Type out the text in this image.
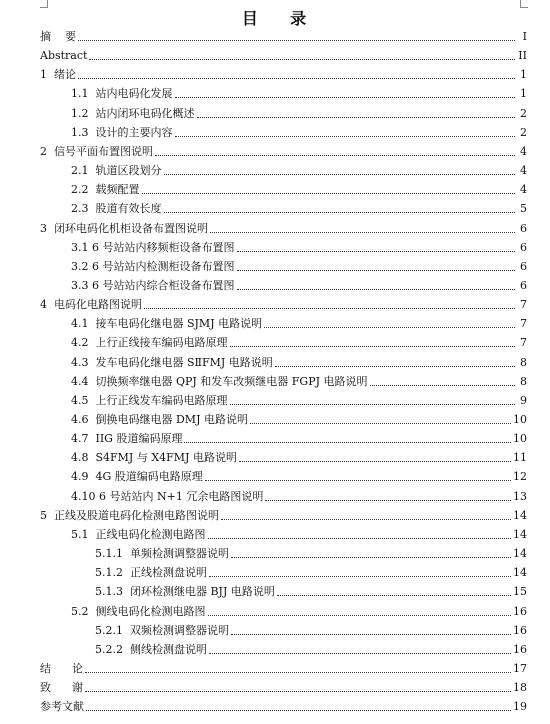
目    录
摘    要	I
Abstract	II
1  绪论	1
1.1  站内电码化发展	1
1.2  站内闭环电码化概述	2
1.3  设计的主要内容	2
2  信号平面布置图说明	4
2.1  轨道区段划分	4
2.2  载频配置	4
2.3  股道有效长度	5
3  闭环电码化机柜设备布置图说明	6
3.1 6 号站站内移频柜设备布置图	6
3.2 6 号站站内检测柜设备布置图	6
3.3 6 号站站内综合柜设备布置图	6
4  电码化电路图说明	7
4.1  接车电码化继电器 SJMJ 电路说明	7
4.2  上行正线接车编码电路原理	7
4.3  发车电码化继电器 SⅡFMJ 电路说明	8
4.4  切换频率继电器 QPJ 和发车改频继电器 FGPJ 电路说明	8
4.5  上行正线发车编码电路原理	9
4.6  倒换电码继电器 DMJ 电路说明	10
4.7  IIG 股道编码原理	10
4.8  S4FMJ 与 X4FMJ 电路说明	11
4.9  4G 股道编码电路原理	12
4.10 6 号站站内 N+1 冗余电路图说明	13
5  正线及股道电码化检测电路图说明	14
5.1  正线电码化检测电路图	14
5.1.1  单频检测调整器说明	14
5.1.2  正线检测盘说明	14
5.1.3  闭环检测继电器 BJJ 电路说明	15
5.2  侧线电码化检测电路图	16
5.2.1  双频检测调整器说明	16
5.2.2  侧线检测盘说明	16
结      论	17
致      谢	18
参考文献	19
